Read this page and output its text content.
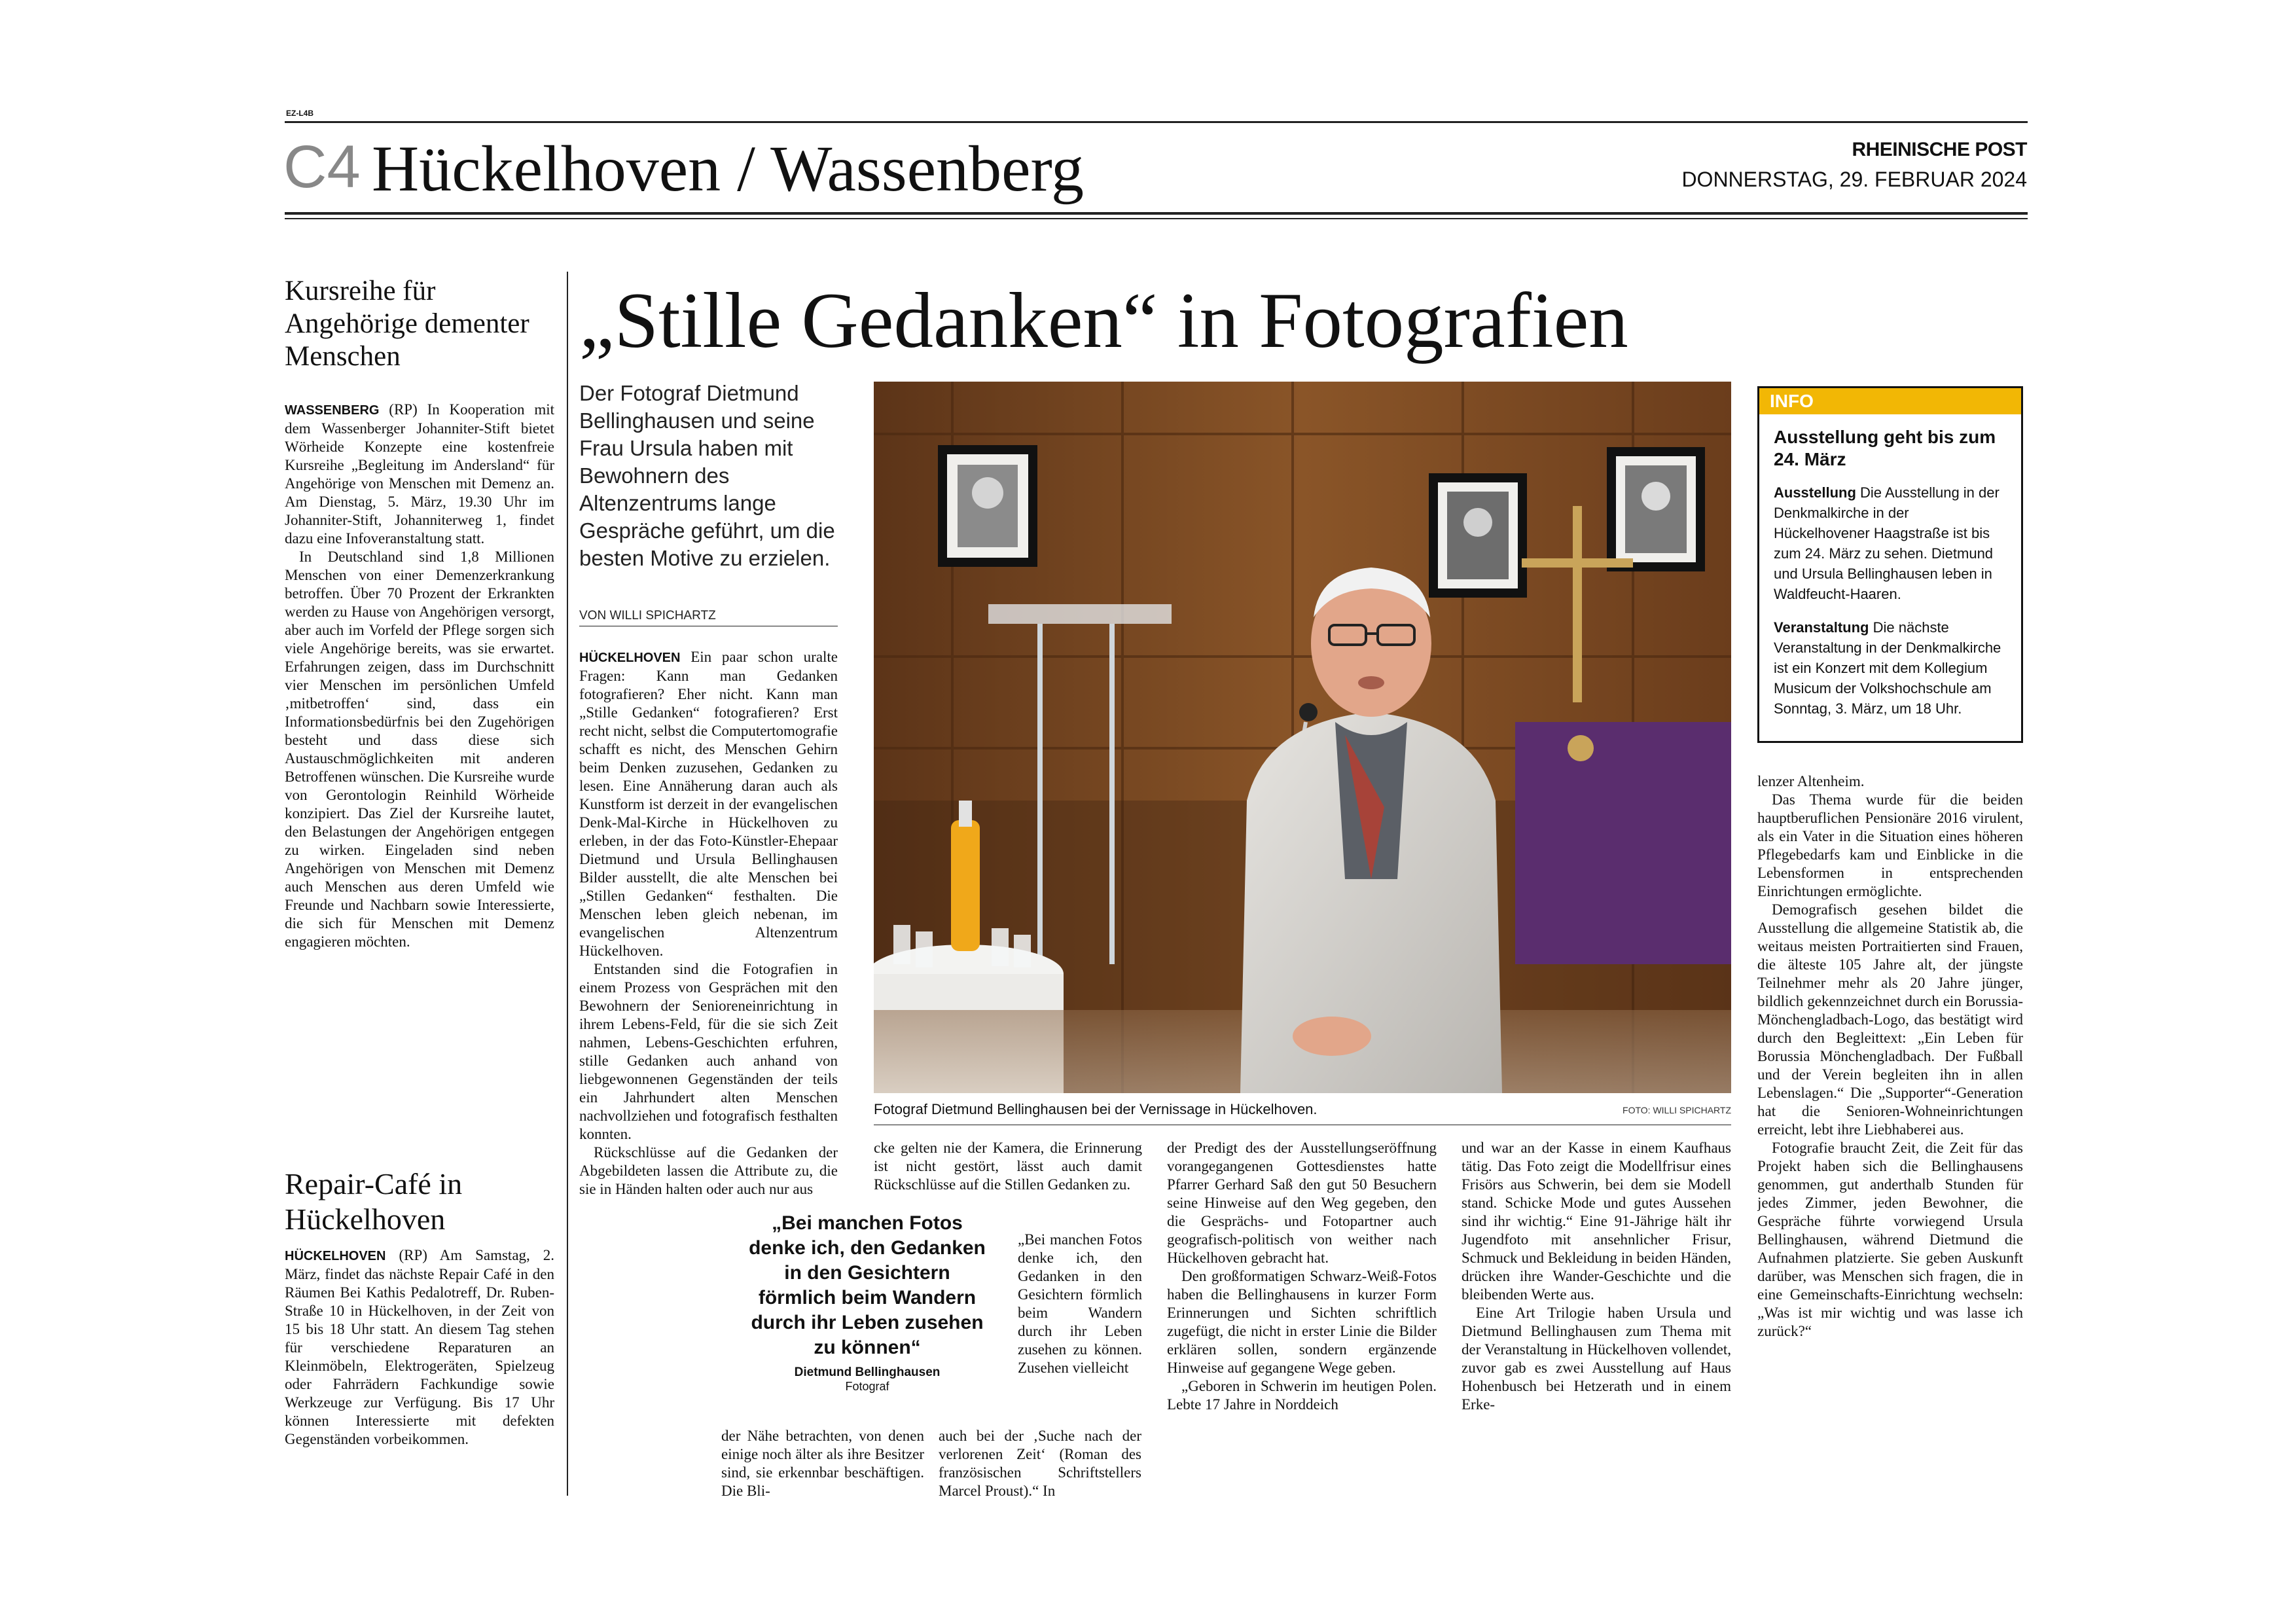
EZ-L4B
C4 Hückelhoven / Wassenberg	RHEINISCHE POST
DONNERSTAG, 29. FEBRUAR 2024
Kursreihe für Angehörige dementer Menschen

WASSENBERG (RP) In Kooperation mit dem Wassenberger Johanniter-Stift bietet Wörheide Konzepte eine kostenfreie Kursreihe „Begleitung im Andersland“ für Angehörige von Menschen mit Demenz an. Am Dienstag, 5. März, 19.30 Uhr im Johanniter-Stift, Johanniterweg 1, findet dazu eine Infoveranstaltung statt.

In Deutschland sind 1,8 Millionen Menschen von einer Demenzerkrankung betroffen. Über 70 Prozent der Erkrankten werden zu Hause von Angehörigen versorgt, aber auch im Vorfeld der Pflege sorgen sich viele Angehörige bereits, was sie erwartet. Erfahrungen zeigen, dass im Durchschnitt vier Menschen im persönlichen Umfeld ‚mitbetroffen‘ sind, dass ein Informationsbedürfnis bei den Zugehörigen besteht und dass diese sich Austauschmöglichkeiten mit anderen Betroffenen wünschen. Die Kursreihe wurde von Gerontologin Reinhild Wörheide konzipiert. Das Ziel der Kursreihe lautet, den Belastungen der Angehörigen entgegen zu wirken. Eingeladen sind neben Angehörigen von Menschen mit Demenz auch Menschen aus deren Umfeld wie Freunde und Nachbarn sowie Interessierte, die sich für Menschen mit Demenz engagieren möchten.

Repair-Café in Hückelhoven

HÜCKELHOVEN (RP) Am Samstag, 2. März, findet das nächste Repair Café in den Räumen Bei Kathis Pedalotreff, Dr. Ruben-Straße 10 in Hückelhoven, in der Zeit von 15 bis 18 Uhr statt. An diesem Tag stehen für verschiedene Reparaturen an Kleinmöbeln, Elektrogeräten, Spielzeug oder Fahrrädern Fachkundige sowie Werkzeuge zur Verfügung. Bis 17 Uhr können Interessierte mit defekten Gegenständen vorbeikommen.

„Stille Gedanken“ in Fotografien
Der Fotograf Dietmund Bellinghausen und seine Frau Ursula haben mit Bewohnern des Altenzentrums lange Gespräche geführt, um die besten Motive zu erzielen.
VON WILLI SPICHARTZ

HÜCKELHOVEN Ein paar schon uralte Fragen: Kann man Gedanken fotografieren? Eher nicht. Kann man „Stille Gedanken“ fotografieren? Erst recht nicht, selbst die Computertomografie schafft es nicht, des Menschen Gehirn beim Denken zuzusehen, Gedanken zu lesen. Eine Annäherung daran auch als Kunstform ist derzeit in der evangelischen Denk-Mal-Kirche in Hückelhoven zu erleben, in der das Foto-Künstler-Ehepaar Dietmund und Ursula Bellinghausen Bilder ausstellt, die alte Menschen bei „Stillen Gedanken“ festhalten. Die Menschen leben gleich nebenan, im evangelischen Altenzentrum Hückelhoven.

Entstanden sind die Fotografien in einem Prozess von Gesprächen mit den Bewohnern der Senioreneinrichtung in ihrem Lebens-Feld, für die sie sich Zeit nahmen, Lebens-Geschichten erfuhren, stille Gedanken auch anhand von liebgewonnenen Gegenständen der teils ein Jahrhundert alten Menschen nachvollziehen und fotografisch festhalten konnten.

Rückschlüsse auf die Gedanken der Abgebildeten lassen die Attribute zu, die sie in Händen halten oder auch nur aus

Fotograf Dietmund Bellinghausen bei der Vernissage in Hückelhoven.	FOTO: WILLI SPICHARTZ

cke gelten nie der Kamera, die Erinnerung ist nicht gestört, lässt auch damit Rückschlüsse auf die Stillen Gedanken zu.

„Bei manchen Fotos denke ich, den Gedanken in den Gesichtern förmlich beim Wandern durch ihr Leben zusehen zu können“
Dietmund Bellinghausen
Fotograf

„Bei manchen Fotos denke ich, den Gedanken in den Gesichtern förmlich beim Wandern durch ihr Leben zusehen zu können. Zusehen vielleicht

der Nähe betrachten, von denen einige noch älter als ihre Besitzer sind, sie erkennbar beschäftigen. Die Bli-
auch bei der ‚Suche nach der verlorenen Zeit‘ (Roman des französischen Schriftstellers Marcel Proust).“ In

der Predigt des der Ausstellungseröffnung vorangegangenen Gottesdienstes hatte Pfarrer Gerhard Saß den gut 50 Besuchern seine Hinweise auf den Weg gegeben, den die Gesprächs- und Fotopartner auch geografisch-politisch von weither nach Hückelhoven gebracht hat.

Den großformatigen Schwarz-Weiß-Fotos haben die Bellinghausens in kurzer Form Erinnerungen und Sichten schriftlich zugefügt, die nicht in erster Linie die Bilder erklären sollen, sondern ergänzende Hinweise auf gegangene Wege geben.

„Geboren in Schwerin im heutigen Polen. Lebte 17 Jahre in Norddeich

und war an der Kasse in einem Kaufhaus tätig. Das Foto zeigt die Modellfrisur eines Frisörs aus Schwerin, bei dem sie Modell stand. Schicke Mode und gutes Aussehen sind ihr wichtig.“ Eine 91-Jährige hält ihr Jugendfoto mit ansehnlicher Frisur, Schmuck und Bekleidung in beiden Händen, drücken ihre Wander-Geschichte und die bleibenden Werte aus.

Eine Art Trilogie haben Ursula und Dietmund Bellinghausen zum Thema mit der Veranstaltung in Hückelhoven vollendet, zuvor gab es zwei Ausstellung auf Haus Hohenbusch bei Hetzerath und in einem Erke-

INFO
Ausstellung geht bis zum 24. März
Ausstellung Die Ausstellung in der Denkmalkirche in der Hückelhovener Haagstraße ist bis zum 24. März zu sehen. Dietmund und Ursula Bellinghausen leben in Waldfeucht-Haaren.
Veranstaltung Die nächste Veranstaltung in der Denkmalkirche ist ein Konzert mit dem Kollegium Musicum der Volkshochschule am Sonntag, 3. März, um 18 Uhr.

lenzer Altenheim.

Das Thema wurde für die beiden hauptberuflichen Pensionäre 2016 virulent, als ein Vater in die Situation eines höheren Pflegebedarfs kam und Einblicke in die Lebensformen in entsprechenden Einrichtungen ermöglichte.

Demografisch gesehen bildet die Ausstellung die allgemeine Statistik ab, die weitaus meisten Portraitierten sind Frauen, die älteste 105 Jahre alt, der jüngste Teilnehmer mehr als 20 Jahre jünger, bildlich gekennzeichnet durch ein Borussia-Mönchengladbach-Logo, das bestätigt wird durch den Begleittext: „Ein Leben für Borussia Mönchengladbach. Der Fußball und der Verein begleiten ihn in allen Lebenslagen.“ Die „Supporter“-Generation hat die Senioren-Wohneinrichtungen erreicht, lebt ihre Liebhaberei aus.

Fotografie braucht Zeit, die Zeit für das Projekt haben sich die Bellinghausens genommen, gut anderthalb Stunden für jedes Zimmer, jeden Bewohner, die Gespräche führte vorwiegend Ursula Bellinghausen, während Dietmund die Aufnahmen platzierte. Sie geben Auskunft darüber, was Menschen sich fragen, die in eine Gemeinschafts-Einrichtung wechseln: „Was ist mir wichtig und was lasse ich zurück?“
